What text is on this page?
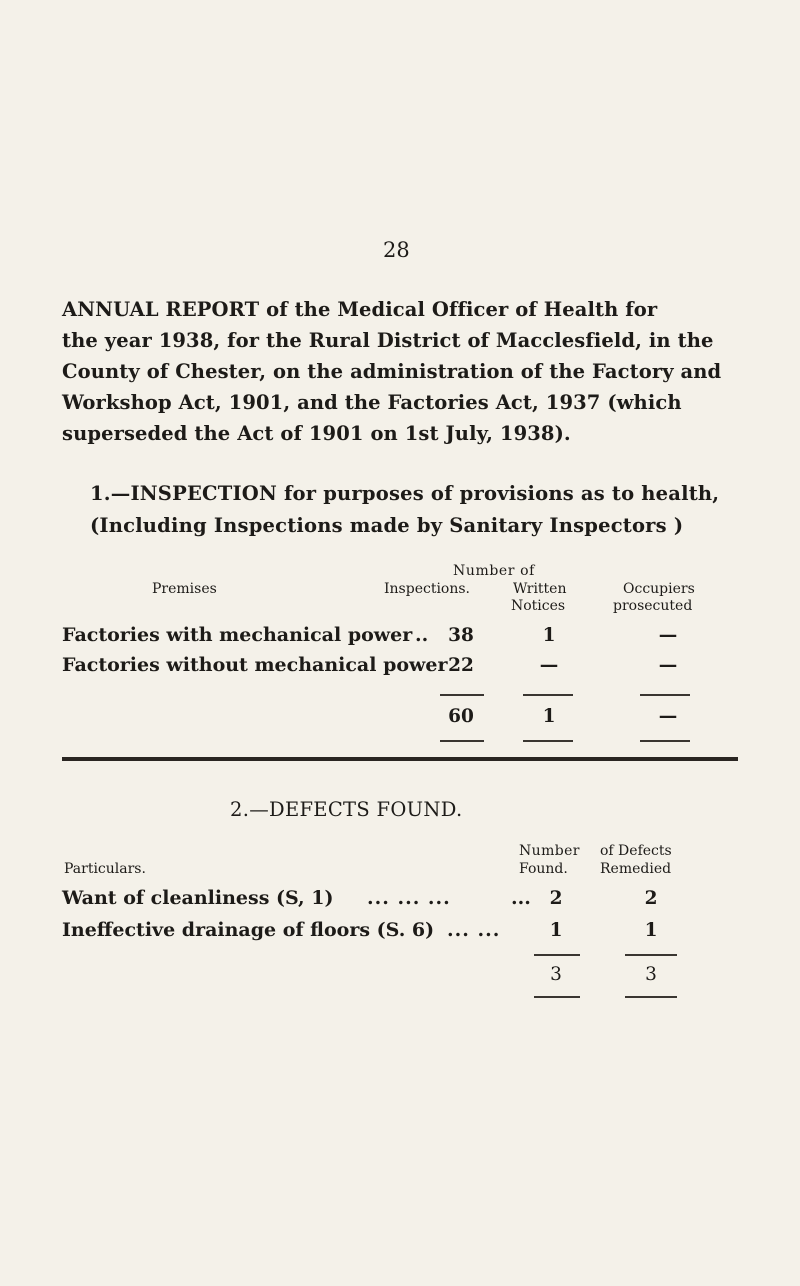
28
ANNUAL REPORT of the Medical Officer of Health for
the year 1938, for the Rural District of Macclesfield, in the
County of Chester, on the administration of the Factory and
Workshop Act, 1901, and the Factories Act, 1937 (which
superseded the Act of 1901 on 1st July, 1938).
1.—INSPECTION for purposes of provisions as to health,
(Including Inspections made by Sanitary Inspectors )
Number of
Premises	Inspections.	Written
Notices
Occupiers
prosecuted
Factories with mechanical power ..	38	1	—
Factories without mechanical power 22	—	—
60	1	—
2.—DEFECTS FOUND.
Number of Defects
Particulars.	Found. Remedied
Want of cleanliness (S, 1) ... ... ...	...	2	2
Ineffective drainage of floors (S. 6) ... ...	1	1
3	3
